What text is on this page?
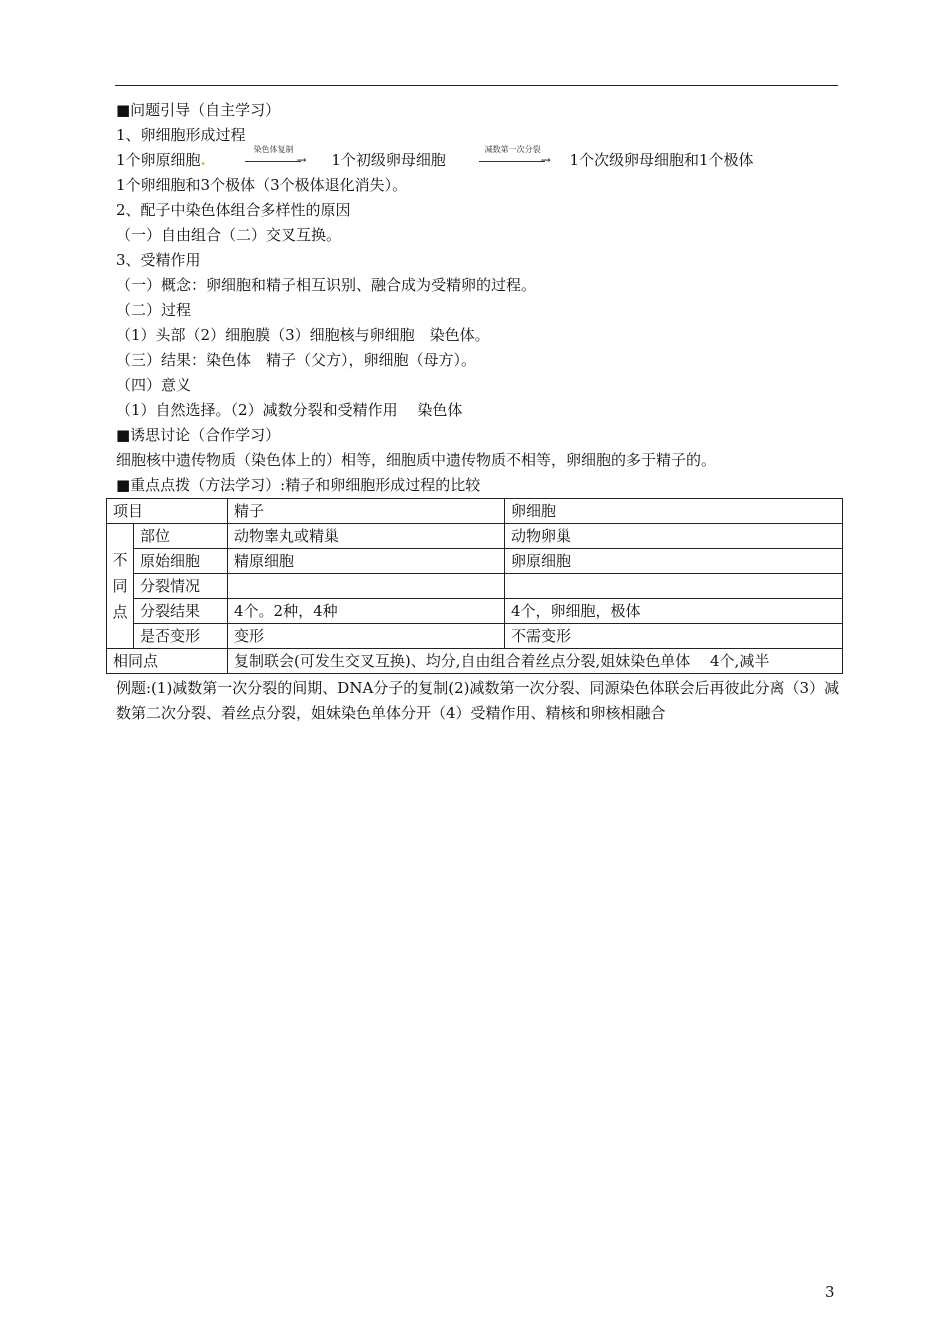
■问题引导（自主学习）
1、卵细胞形成过程
1个卵原细胞.
染色体复制
→ 1个初级卵母细胞
减数第一次分裂
→ 1个次级卵母细胞和1个极体
1个卵细胞和3个极体（3个极体退化消失）。
2、配子中染色体组合多样性的原因
（一）自由组合（二）交叉互换。
3、受精作用
（一）概念：卵细胞和精子相互识别、融合成为受精卵的过程。
（二）过程
（1）头部（2）细胞膜（3）细胞核与卵细胞　染色体。
（三）结果：染色体　精子（父方），卵细胞（母方）。
（四）意义
（1）自然选择。（2）减数分裂和受精作用　 染色体
■诱思讨论（合作学习）
细胞核中遗传物质（染色体上的）相等，细胞质中遗传物质不相等，卵细胞的多于精子的。
■重点点拨（方法学习）:精子和卵细胞形成过程的比较
项目		精子	卵细胞

不
同
点	部位	动物睾丸或精巢	动物卵巢
	原始细胞	精原细胞	卵原细胞
	分裂情况		
	分裂结果	4个。2种，4种	4个，卵细胞，极体
	是否变形	变形	不需变形
相同点		复制联会(可发生交叉互换)、均分,自由组合着丝点分裂,姐妹染色单体　 4个,减半	
例题:(1)减数第一次分裂的间期、DNA分子的复制(2)减数第一次分裂、同源染色体联会后再彼此分离（3）减数第二次分裂、着丝点分裂，姐妹染色单体分开（4）受精作用、精核和卵核相融合
3
